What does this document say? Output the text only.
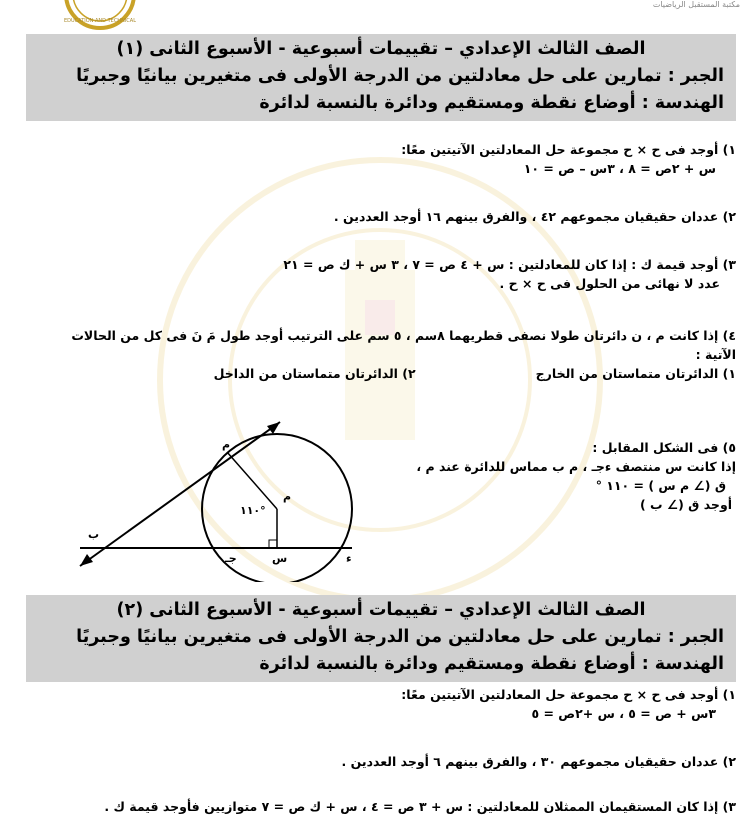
مكتبة المستقبل الرياضيات
EDUCATION AND TECHNICAL
الصف الثالث الإعدادي – تقييمات أسبوعية - الأسبوع الثانى (١)
الجبر : تمارين على حل معادلتين من الدرجة الأولى فى متغيرين بيانيًا وجبريًا
الهندسة : أوضاع نقطة ومستقيم ودائرة بالنسبة لدائرة
١) أوجد فى ح × ح مجموعة حل المعادلتين الآتيتين معًا:
س + ٢ص = ٨ ، ٣س – ص = ١٠
٢) عددان حقيقيان مجموعهم ٤٢ ، والفرق بينهم ١٦ أوجد العددين .
٣) أوجد قيمة ك : إذا كان للمعادلتين : س + ٤ ص = ٧ ، ٣ س + ك ص = ٢١
عدد لا نهائى من الحلول فى ح × ح .
٤) إذا كانت م ، ن دائرتان طولا نصفى قطريهما ٨سم ، ٥ سم على الترتيب أوجد طول مَ نَ فى كل من الحالات
الآتية :
١) الدائرتان متماستان من الخارج
٢) الدائرتان متماستان من الداخل
٥) فى الشكل المقابل :
إذا كانت س منتصف ءجـ ، م ب مماس للدائرة عند م ،
ق (∠ م س ) = ١١٠ °
أوجد ق (∠ ب )
م
م
١١٠°
ب
جـ	س	ء
الصف الثالث الإعدادي – تقييمات أسبوعية - الأسبوع الثانى (٢)
الجبر : تمارين على حل معادلتين من الدرجة الأولى فى متغيرين بيانيًا وجبريًا
الهندسة : أوضاع نقطة ومستقيم ودائرة بالنسبة لدائرة
١) أوجد فى ح × ح مجموعة حل المعادلتين الآتيتين معًا:
٣س + ص = ٥ ، س +٢ص = ٥
٢) عددان حقيقيان مجموعهم ٣٠ ، والفرق بينهم ٦ أوجد العددين .
٣) إذا كان المستقيمان الممثلان للمعادلتين : س + ٣ ص = ٤ ، س + ك ص = ٧ متوازيين فأوجد قيمة ك .
